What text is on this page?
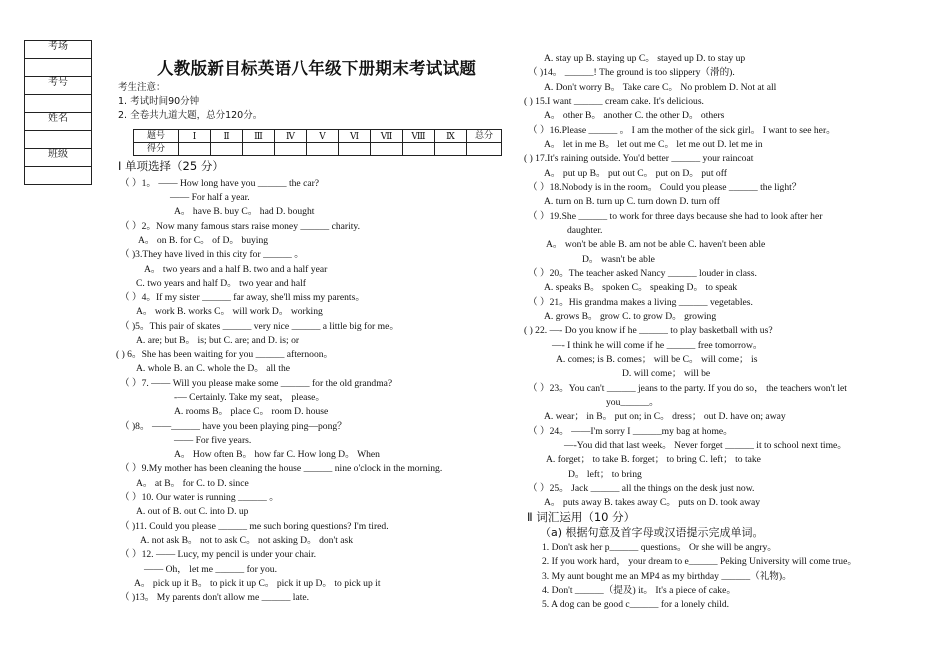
考场

考号

姓名

班级

人教版新目标英语八年级下册期末考试试题
考生注意：
1. 考试时间90分钟
2. 全卷共九道大题，总分120分。
题号	Ⅰ	Ⅱ	Ⅲ	Ⅳ	Ⅴ	Ⅵ	Ⅶ	Ⅷ	Ⅸ	总分
得分										
Ⅰ 单项选择（25 分）
（ ）1。 —— How long have you ______ the car?
—— For half a year.
A。 have B. buy C。 had D. bought
（ ）2。Now many famous stars raise money ______ charity.
A。 on B. for C。 of D。 buying
（ )3.They have lived in this city for ______ 。
A。 two years and a half B. two and a half year
C. two years and half D。 two year and half
（ ）4。If my sister ______ far away, she'll miss my parents。
A。 work B. works C。 will work D。 working
（ )5。This pair of skates ______ very nice ______ a little big for me。
A. are; but B。 is; but C. are; and D. is; or
( ) 6。She has been waiting for you ______ afternoon。
A. whole B. an C. whole the D。 all the
（ ）7. —— Will you please make some ______ for the old grandma?
-— Certainly. Take my seat， please。
A. rooms B。 place C。 room D. house
（ )8。 ——______ have you been playing ping—pong？
—— For five years.
A。 How often B。 how far C. How long D。 When
（ ）9.My mother has been cleaning the house ______ nine o'clock in the morning.
A。 at B。 for C. to D. since
（ ）10. Our water is running ______ 。
A. out of B. out C. into D. up
（ )11. Could you please ______ me such boring questions? I'm tired.
A. not ask B。 not to ask C。 not asking D。 don't ask
（ ）12. —— Lucy, my pencil is under your chair.
—— Oh， let me ______ for you.
A。 pick up it B。 to pick it up C。 pick it up D。 to pick up it
（ )13。 My parents don't allow me ______ late.
A. stay up B. staying up C。 stayed up D. to stay up
（ )14。 ______! The ground is too slippery（滑的).
A. Don't worry B。 Take care C。 No problem D. Not at all
( ) 15.I want ______ cream cake. It's delicious.
A。 other B。 another C. the other D。 others
（ ）16.Please ______ 。 I am the mother of the sick girl。 I want to see her。
A。 let in me B。 let out me C。 let me out D. let me in
( ) 17.It's raining outside. You'd better ______ your raincoat
A。 put up B。 put out C。 put on D。 put off
（ ）18.Nobody is in the room。 Could you please ______ the light？
A. turn on B. turn up C. turn down D. turn off
（ ）19.She ______ to work for three days because she had to look after her
daughter.
A。 won't be able B. am not be able C. haven't been able
D。 wasn't be able
（ ）20。The teacher asked Nancy ______ louder in class.
A. speaks B。 spoken C。 speaking D。 to speak
（ ）21。His grandma makes a living ______ vegetables.
A. grows B。 grow C. to grow D。 growing
( ) 22. —- Do you know if he ______ to play basketball with us?
—- I think he will come if he ______ free tomorrow。
A. comes; is B. comes； will be C。 will come； is
D. will come； will be
（ ）23。You can't ______ jeans to the party. If you do so， the teachers won't let
you______。
A. wear； in B。 put on; in C。 dress； out D. have on; away
（ ）24。 ——I'm sorry I ______my bag at home。
—-You did that last week。 Never forget ______ it to school next time。
A. forget； to take B. forget； to bring C. left； to take
D。 left； to bring
（ ）25。 Jack ______ all the things on the desk just now.
A。 puts away B. takes away C。 puts on D. took away
Ⅱ 词汇运用（10 分）
（a) 根据句意及首字母或汉语提示完成单词。
1. Don't ask her p______ questions。 Or she will be angry。
2. If you work hard， your dream to e______ Peking University will come true。
3. My aunt bought me an MP4 as my birthday ______（礼物)。
4. Don't ______（提及) it。 It's a piece of cake。
5. A dog can be good c______ for a lonely child.
